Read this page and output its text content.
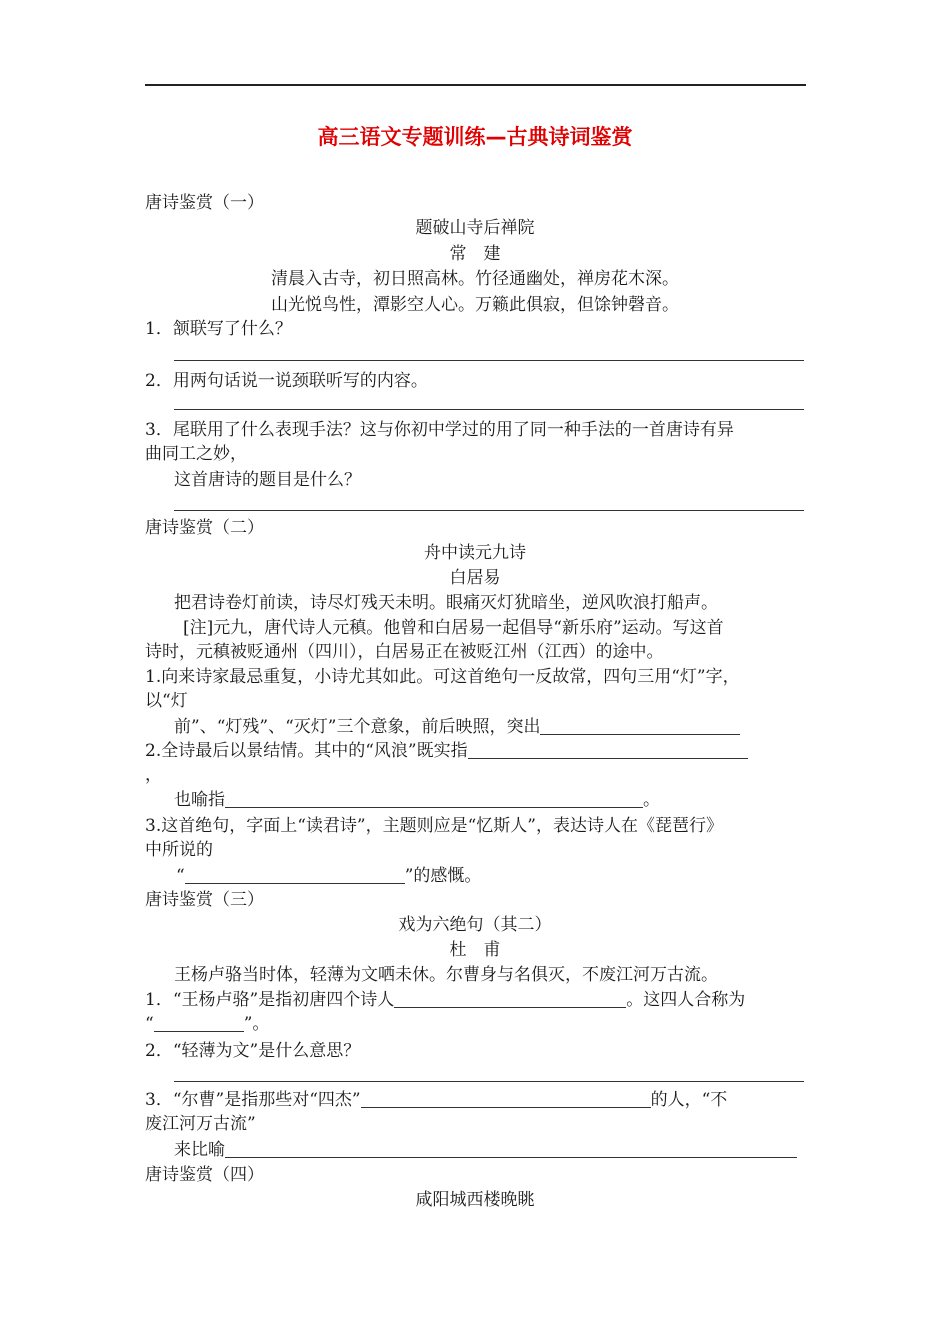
高三语文专题训练—古典诗词鉴赏
唐诗鉴赏（一）
题破山寺后禅院
常　建
清晨入古寺，初日照高林。竹径通幽处，禅房花木深。
山光悦鸟性，潭影空人心。万籁此俱寂，但馀钟磬音。
1．颔联写了什么？
2．用两句话说一说颈联听写的内容。
3．尾联用了什么表现手法？这与你初中学过的用了同一种手法的一首唐诗有异
曲同工之妙，
这首唐诗的题目是什么？
唐诗鉴赏（二）
舟中读元九诗
白居易
把君诗卷灯前读，诗尽灯残天未明。眼痛灭灯犹暗坐，逆风吹浪打船声。
[注]元九，唐代诗人元稹。他曾和白居易一起倡导“新乐府”运动。写这首
诗时，元稹被贬通州（四川），白居易正在被贬江州（江西）的途中。
1.向来诗家最忌重复，小诗尤其如此。可这首绝句一反故常，四句三用“灯”字，
以“灯
前”、“灯残”、“灭灯”三个意象，前后映照，突出
2.全诗最后以景结情。其中的“风浪”既实指
，
也喻指	。
3.这首绝句，字面上“读君诗”，主题则应是“忆斯人”，表达诗人在《琵琶行》
中所说的
“	”的感慨。
唐诗鉴赏（三）
戏为六绝句（其二）
杜　甫
王杨卢骆当时体，轻薄为文哂未休。尔曹身与名俱灭，不废江河万古流。
1．“王杨卢骆”是指初唐四个诗人	。这四人合称为
“	”。
2．“轻薄为文”是什么意思？
3．“尔曹”是指那些对“四杰”	的人，“不
废江河万古流”
来比喻
唐诗鉴赏（四）
咸阳城西楼晚眺
